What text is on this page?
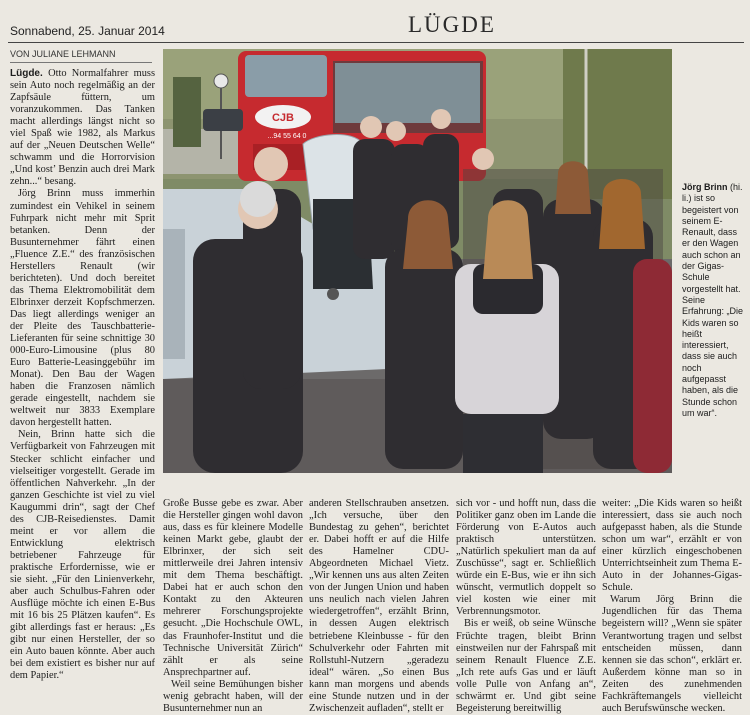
Sonnabend, 25. Januar 2014	LÜGDE
VON JULIANE LEHMANN

Lügde. Otto Normalfahrer muss sein Auto noch regelmäßig an der Zapfsäule füttern, um voranzukommen. Das Tanken macht allerdings längst nicht so viel Spaß wie 1982, als Markus auf der „Neuen Deutschen Welle“ schwamm und die Horrorvision „Und kost’ Benzin auch drei Mark zehn...“ besang.

Jörg Brinn muss immerhin zumindest ein Vehikel in seinem Fuhrpark nicht mehr mit Sprit betanken. Denn der Busunternehmer fährt einen „Fluence Z.E.“ des französischen Herstellers Renault (wir berichteten). Und doch bereitet das Thema Elektromobilität dem Elbrinxer derzeit Kopfschmerzen. Das liegt allerdings weniger an der Pleite des Tauschbatterie-Lieferanten für seine schnittige 30 000-Euro-Limousine (plus 80 Euro Batterie-Leasinggebühr im Monat). Den Bau der Wagen haben die Franzosen nämlich gerade eingestellt, nachdem sie weltweit nur 3833 Exemplare davon hergestellt hatten.

Nein, Brinn hatte sich die Verfügbarkeit von Fahrzeugen mit Stecker schlicht einfacher und vielseitiger vorgestellt. Gerade im öffentlichen Nahverkehr. „In der ganzen Geschichte ist viel zu viel Kaugummi drin“, sagt der Chef des CJB-Reisedienstes. Damit meint er vor allem die Entwicklung elektrisch betriebener Fahrzeuge für praktische Erfordernisse, wie er sie sieht. „Für den Linienverkehr, aber auch Schulbus-Fahren oder Ausflüge möchte ich einen E-Bus mit 16 bis 25 Plätzen kaufen“. Es gibt allerdings fast er heraus: „Es gibt nur einen Hersteller, der so ein Auto bauen könnte. Aber auch bei dem existiert es bisher nur auf dem Papier.“

CJB
...94 55 64 0
Jörg Brinn (hi. li.) ist so begeistert von seinem E-Renault, dass er den Wagen auch schon an der Gigas-Schule vorgestellt hat. Seine Erfahrung: „Die Kids waren so heißt interessiert, dass sie auch noch aufgepasst haben, als die Stunde schon um war“.

Große Busse gebe es zwar. Aber die Hersteller gingen wohl davon aus, dass es für kleinere Modelle keinen Markt gebe, glaubt der Elbrinxer, der sich seit mittlerweile drei Jahren intensiv mit dem Thema beschäftigt. Dabei hat er auch schon den Kontakt zu den Akteuren mehrerer Forschungsprojekte gesucht. „Die Hochschule OWL, das Fraunhofer-Institut und die Technische Universität Zürich“ zählt er als seine Ansprechpartner auf.

Weil seine Bemühungen bisher wenig gebracht haben, will der Busunternehmer nun an

anderen Stellschrauben ansetzen. „Ich versuche, über den Bundestag zu gehen“, berichtet er. Dabei hofft er auf die Hilfe des Hamelner CDU-Abgeordneten Michael Vietz. „Wir kennen uns aus alten Zeiten von der Jungen Union und haben uns neulich nach vielen Jahren wiedergetroffen“, erzählt Brinn, in dessen Augen elektrisch betriebene Kleinbusse - für den Schulverkehr oder Fahrten mit Rollstuhl-Nutzern „geradezu ideal“ wären. „So einen Bus kann man morgens und abends eine Stunde nutzen und in der Zwischenzeit aufladen“, stellt er

sich vor - und hofft nun, dass die Politiker ganz oben im Lande die Förderung von E-Autos auch praktisch unterstützen. „Natürlich spekuliert man da auf Zuschüsse“, sagt er. Schließlich würde ein E-Bus, wie er ihn sich wünscht, vermutlich doppelt so viel kosten wie einer mit Verbrennungsmotor.

Bis er weiß, ob seine Wünsche Früchte tragen, bleibt Brinn einstweilen nur der Fahrspaß mit seinem Renault Fluence Z.E. „Ich rete aufs Gas und er läuft volle Pulle von Anfang an“, schwärmt er. Und gibt seine Begeisterung bereitwillig

weiter: „Die Kids waren so heißt interessiert, dass sie auch noch aufgepasst haben, als die Stunde schon um war“, erzählt er von einer kürzlich eingeschobenen Unterrichtseinheit zum Thema E-Auto in der Johannes-Gigas-Schule.

Warum Jörg Brinn die Jugendlichen für das Thema begeistern will? „Wenn sie später Verantwortung tragen und selbst entscheiden müssen, dann kennen sie das schon“, erklärt er. Außerdem könne man so in Zeiten des zunehmenden Fachkräftemangels vielleicht auch Berufswünsche wecken.
